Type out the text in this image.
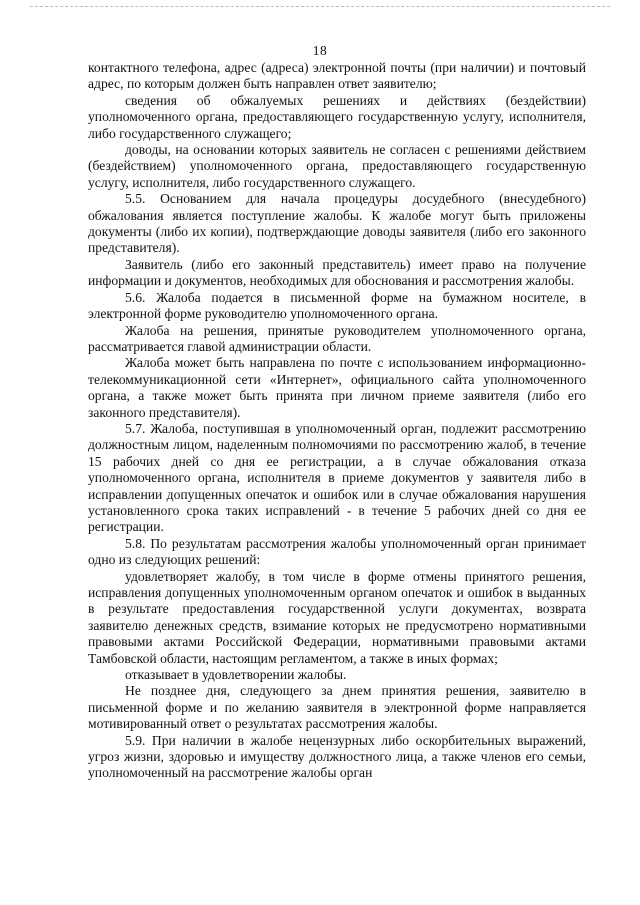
18

контактного телефона, адрес (адреса) электронной почты (при наличии) и почтовый адрес, по которым должен быть направлен ответ заявителю;

сведения об обжалуемых решениях и действиях (бездействии) уполномоченного органа, предоставляющего государственную услугу, исполнителя, либо государственного служащего;

доводы, на основании которых заявитель не согласен с решениями действием (бездействием) уполномоченного органа, предоставляющего государственную услугу, исполнителя, либо государственного служащего.

5.5. Основанием для начала процедуры досудебного (внесудебного) обжалования является поступление жалобы. К жалобе могут быть приложены документы (либо их копии), подтверждающие доводы заявителя (либо его законного представителя).

Заявитель (либо его законный представитель) имеет право на получение информации и документов, необходимых для обоснования и рассмотрения жалобы.

5.6. Жалоба подается в письменной форме на бумажном носителе, в электронной форме руководителю уполномоченного органа.

Жалоба на решения, принятые руководителем уполномоченного органа, рассматривается главой администрации области.

Жалоба может быть направлена по почте с использованием информационно-телекоммуникационной сети «Интернет», официального сайта уполномоченного органа, а также может быть принята при личном приеме заявителя (либо его законного представителя).

5.7. Жалоба, поступившая в уполномоченный орган, подлежит рассмотрению должностным лицом, наделенным полномочиями по рассмотрению жалоб, в течение 15 рабочих дней со дня ее регистрации, а в случае обжалования отказа уполномоченного органа, исполнителя в приеме документов у заявителя либо в исправлении допущенных опечаток и ошибок или в случае обжалования нарушения установленного срока таких исправлений - в течение 5 рабочих дней со дня ее регистрации.

5.8. По результатам рассмотрения жалобы уполномоченный орган принимает одно из следующих решений:

удовлетворяет жалобу, в том числе в форме отмены принятого решения, исправления допущенных уполномоченным органом опечаток и ошибок в выданных в результате предоставления государственной услуги документах, возврата заявителю денежных средств, взимание которых не предусмотрено нормативными правовыми актами Российской Федерации, нормативными правовыми актами Тамбовской области, настоящим регламентом, а также в иных формах;

отказывает в удовлетворении жалобы.

Не позднее дня, следующего за днем принятия решения, заявителю в письменной форме и по желанию заявителя в электронной форме направляется мотивированный ответ о результатах рассмотрения жалобы.

5.9. При наличии в жалобе нецензурных либо оскорбительных выражений, угроз жизни, здоровью и имуществу должностного лица, а также членов его семьи, уполномоченный на рассмотрение жалобы орган
